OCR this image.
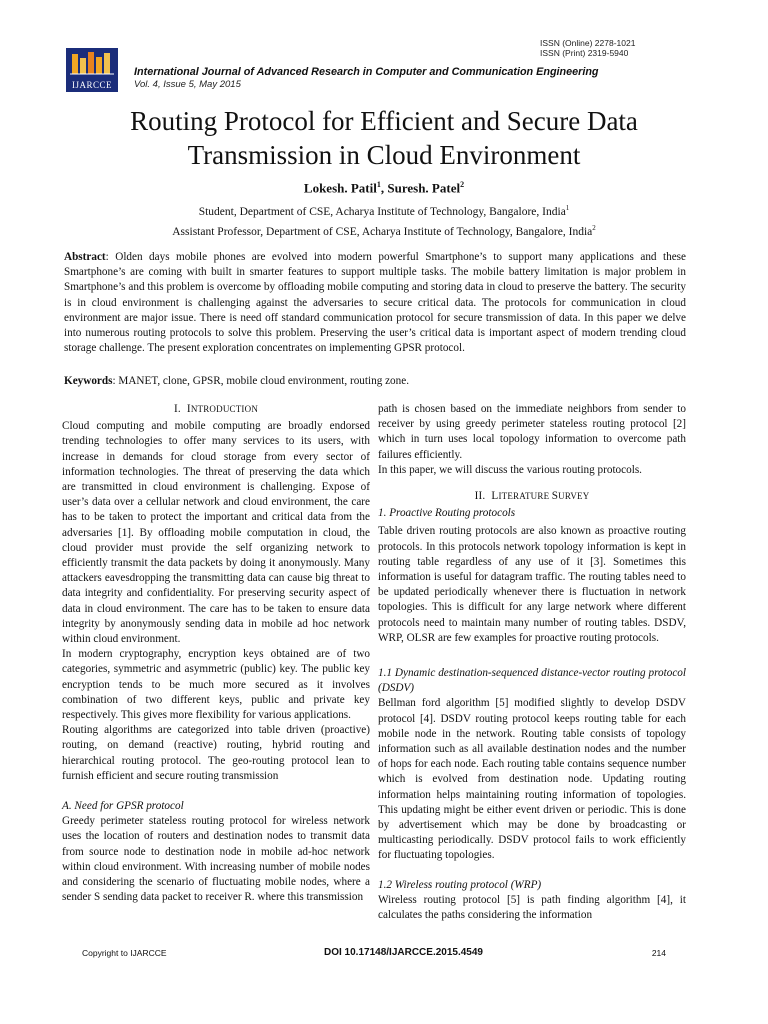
ISSN (Online) 2278-1021
ISSN (Print) 2319-5940
IJARCCE
International Journal of Advanced Research in Computer and Communication Engineering
Vol. 4, Issue 5, May 2015
Routing Protocol for Efficient and Secure Data Transmission in Cloud Environment
Lokesh. Patil$^1$, Suresh. Patel$^2$
Student, Department of CSE, Acharya Institute of Technology, Bangalore, India$^1$
Assistant Professor, Department of CSE, Acharya Institute of Technology, Bangalore, India$^2$
Abstract: Olden days mobile phones are evolved into modern powerful Smartphone’s to support many applications and these Smartphone’s are coming with built in smarter features to support multiple tasks. The mobile battery limitation is major problem in Smartphone’s and this problem is overcome by offloading mobile computing and storing data in cloud to preserve the battery. The security is in cloud environment is challenging against the adversaries to secure critical data. The protocols for communication in cloud environment are major issue. There is need off standard communication protocol for secure transmission of data. In this paper we delve into numerous routing protocols to solve this problem. Preserving the user’s critical data is important aspect of modern trending cloud storage challenge. The present exploration concentrates on implementing GPSR protocol.
Keywords: MANET, clone, GPSR, mobile cloud environment, routing zone.
I. INTRODUCTION

Cloud computing and mobile computing are broadly endorsed trending technologies to offer many services to its users, with increase in demands for cloud storage from every sector of information technologies. The threat of preserving the data which are transmitted in cloud environment is challenging. Expose of user’s data over a cellular network and cloud environment, the care has to be taken to protect the important and critical data from the adversaries [1]. By offloading mobile computation in cloud, the cloud provider must provide the self organizing network to efficiently transmit the data packets by doing it anonymously. Many attackers eavesdropping the transmitting data can cause big threat to data integrity and confidentiality. For preserving security aspect of data in cloud environment. The care has to be taken to ensure data integrity by anonymously sending data in mobile ad hoc network within cloud environment.

In modern cryptography, encryption keys obtained are of two categories, symmetric and asymmetric (public) key. The public key encryption tends to be much more secured as it involves combination of two different keys, public and private key respectively. This gives more flexibility for various applications.

Routing algorithms are categorized into table driven (proactive) routing, on demand (reactive) routing, hybrid routing and hierarchical routing protocol. The geo-routing protocol lean to furnish efficient and secure routing transmission

A. Need for GPSR protocol

Greedy perimeter stateless routing protocol for wireless network uses the location of routers and destination nodes to transmit data from source node to destination node in mobile ad-hoc network within cloud environment. With increasing number of mobile nodes and considering the scenario of fluctuating mobile nodes, where a sender S sending data packet to receiver R. where this transmission

path is chosen based on the immediate neighbors from sender to receiver by using greedy perimeter stateless routing protocol [2] which in turn uses local topology information to overcome path failures efficiently.

In this paper, we will discuss the various routing protocols.

II. LITERATURE SURVEY

1. Proactive Routing protocols

Table driven routing protocols are also known as proactive routing protocols. In this protocols network topology information is kept in routing table regardless of any use of it [3]. Sometimes this information is useful for datagram traffic. The routing tables need to be updated periodically whenever there is fluctuation in network topologies. This is difficult for any large network where different protocols need to maintain many number of routing tables. DSDV, WRP, OLSR are few examples for proactive routing protocols.

1.1 Dynamic destination-sequenced distance-vector routing protocol (DSDV)

Bellman ford algorithm [5] modified slightly to develop DSDV protocol [4]. DSDV routing protocol keeps routing table for each mobile node in the network. Routing table consists of topology information such as all available destination nodes and the number of hops for each node. Each routing table contains sequence number which is evolved from destination node. Updating routing information helps maintaining routing information of topologies. This updating might be either event driven or periodic. This is done by advertisement which may be done by broadcasting or multicasting periodically. DSDV protocol fails to work efficiently for fluctuating topologies.

1.2 Wireless routing protocol (WRP)

Wireless routing protocol [5] is path finding algorithm [4], it calculates the paths considering the information

Copyright to IJARCCE	DOI 10.17148/IJARCCE.2015.4549	214
